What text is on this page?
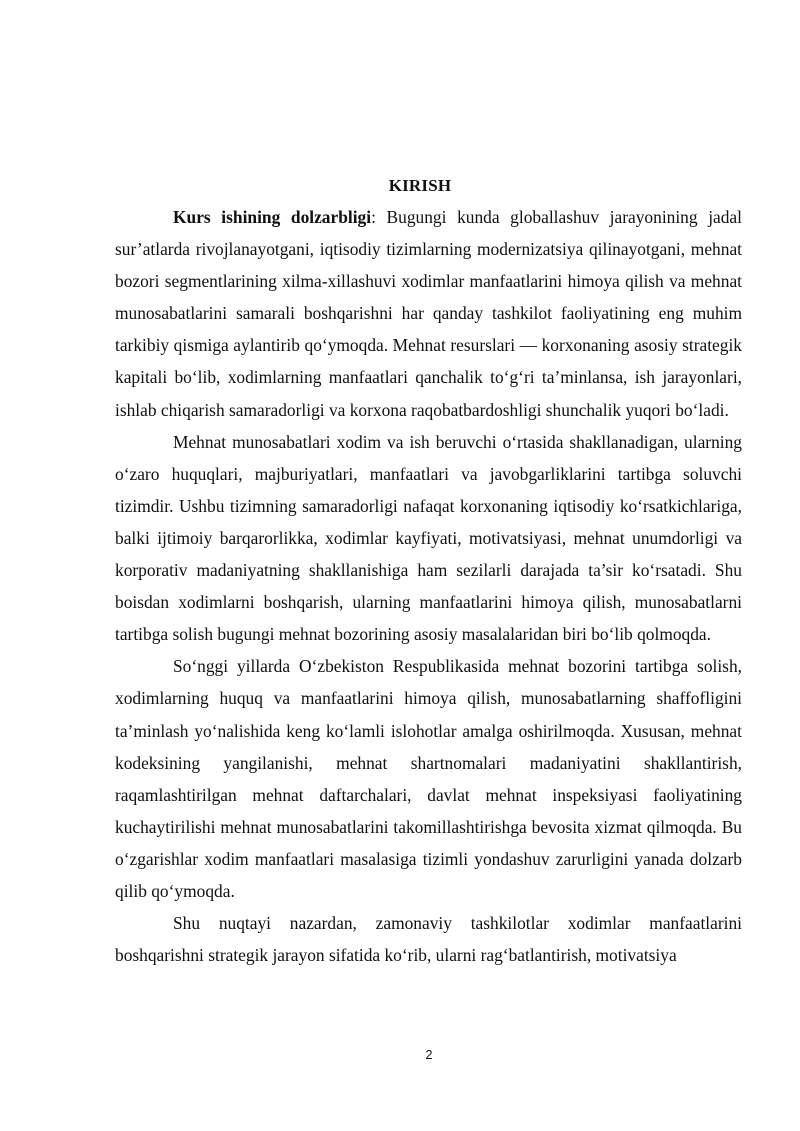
KIRISH

Kurs ishining dolzarbligi: Bugungi kunda globallashuv jarayonining jadal sur’atlarda rivojlanayotgani, iqtisodiy tizimlarning modernizatsiya qilinayotgani, mehnat bozori segmentlarining xilma-xillashuvi xodimlar manfaatlarini himoya qilish va mehnat munosabatlarini samarali boshqarishni har qanday tashkilot faoliyatining eng muhim tarkibiy qismiga aylantirib qo‘ymoqda. Mehnat resurslari — korxonaning asosiy strategik kapitali bo‘lib, xodimlarning manfaatlari qanchalik to‘g‘ri ta’minlansa, ish jarayonlari, ishlab chiqarish samaradorligi va korxona raqobatbardoshligi shunchalik yuqori bo‘ladi.

Mehnat munosabatlari xodim va ish beruvchi o‘rtasida shakllanadigan, ularning o‘zaro huquqlari, majburiyatlari, manfaatlari va javobgarliklarini tartibga soluvchi tizimdir. Ushbu tizimning samaradorligi nafaqat korxonaning iqtisodiy ko‘rsatkichlariga, balki ijtimoiy barqarorlikka, xodimlar kayfiyati, motivatsiyasi, mehnat unumdorligi va korporativ madaniyatning shakllanishiga ham sezilarli darajada ta’sir ko‘rsatadi. Shu boisdan xodimlarni boshqarish, ularning manfaatlarini himoya qilish, munosabatlarni tartibga solish bugungi mehnat bozorining asosiy masalalaridan biri bo‘lib qolmoqda.

So‘nggi yillarda O‘zbekiston Respublikasida mehnat bozorini tartibga solish, xodimlarning huquq va manfaatlarini himoya qilish, munosabatlarning shaffofligini ta’minlash yo‘nalishida keng ko‘lamli islohotlar amalga oshirilmoqda. Xususan, mehnat kodeksining yangilanishi, mehnat shartnomalari madaniyatini shakllantirish, raqamlashtirilgan mehnat daftarchalari, davlat mehnat inspeksiyasi faoliyatining kuchaytirilishi mehnat munosabatlarini takomillashtirishga bevosita xizmat qilmoqda. Bu o‘zgarishlar xodim manfaatlari masalasiga tizimli yondashuv zarurligini yanada dolzarb qilib qo‘ymoqda.

Shu nuqtayi nazardan, zamonaviy tashkilotlar xodimlar manfaatlarini boshqarishni strategik jarayon sifatida ko‘rib, ularni rag‘batlantirish, motivatsiya

2
